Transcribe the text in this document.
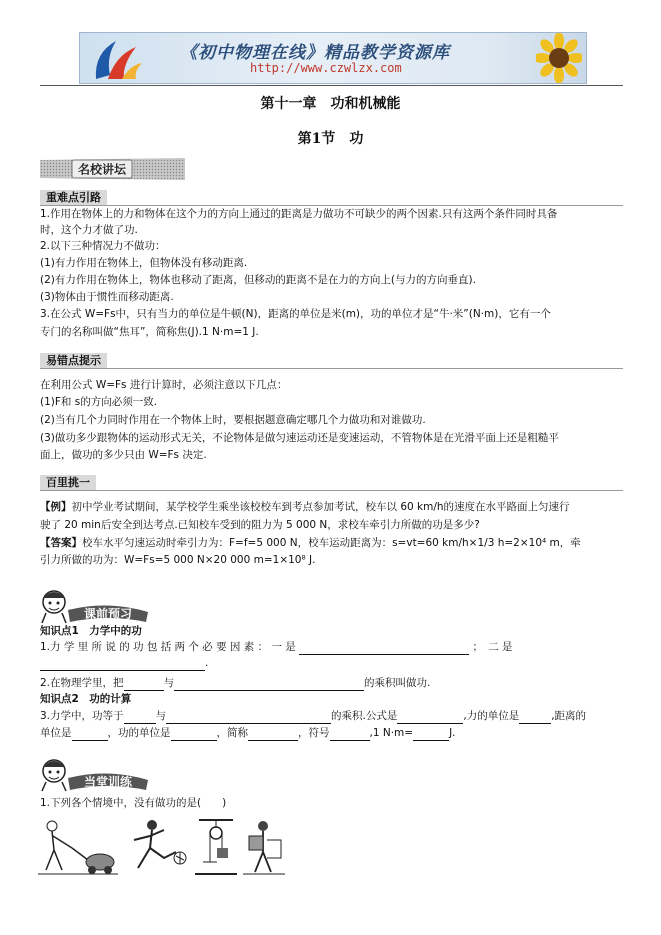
《初中物理在线》精品教学资源库
http://www.czwlzx.com
第十一章　功和机械能
第1节　功
名校讲坛
重难点引路
1.作用在物体上的力和物体在这个力的方向上通过的距离是力做功不可缺少的两个因素.只有这两个条件同时具备
时，这个力才做了功.
2.以下三种情况力不做功：
(1)有力作用在物体上，但物体没有移动距离.
(2)有力作用在物体上，物体也移动了距离，但移动的距离不是在力的方向上(与力的方向垂直).
(3)物体由于惯性而移动距离.
3.在公式 W=Fs中，只有当力的单位是牛顿(N)，距离的单位是米(m)，功的单位才是“牛·米”(N·m)，它有一个
专门的名称叫做“焦耳”，简称焦(J).1 N·m=1 J.
易错点提示
在利用公式 W=Fs 进行计算时，必须注意以下几点：
(1)F和 s的方向必须一致.
(2)当有几个力同时作用在一个物体上时，要根据题意确定哪几个力做功和对谁做功.
(3)做功多少跟物体的运动形式无关，不论物体是做匀速运动还是变速运动，不管物体是在光滑平面上还是粗糙平
面上，做功的多少只由 W=Fs 决定.
百里挑一
【例】初中学业考试期间，某学校学生乘坐该校校车到考点参加考试，校车以 60 km/h的速度在水平路面上匀速行
驶了 20 min后安全到达考点.已知校车受到的阻力为 5 000 N，求校车牵引力所做的功是多少?
【答案】校车水平匀速运动时牵引力为：F=f=5 000 N，校车运动距离为：s=vt=60 km/h×1/3 h=2×10⁴ m，牵
引力所做的功为：W=Fs=5 000 N×20 000 m=1×10⁸ J.
课前预习
知识点1　力学中的功
1.力 学 里 所 说 的 功 包 括 两 个 必 要 因 素 ： 一 是	；　二 是
.
2.在物理学里，把	与	的乘积叫做功.
知识点2　功的计算
3.力学中，功等于	与	的乘积.公式是	,力的单位是	,距离的
单位是	，功的单位是	，简称	，符号	,1 N·m=	J.
当堂训练
1.下列各个情境中，没有做功的是(　　)
